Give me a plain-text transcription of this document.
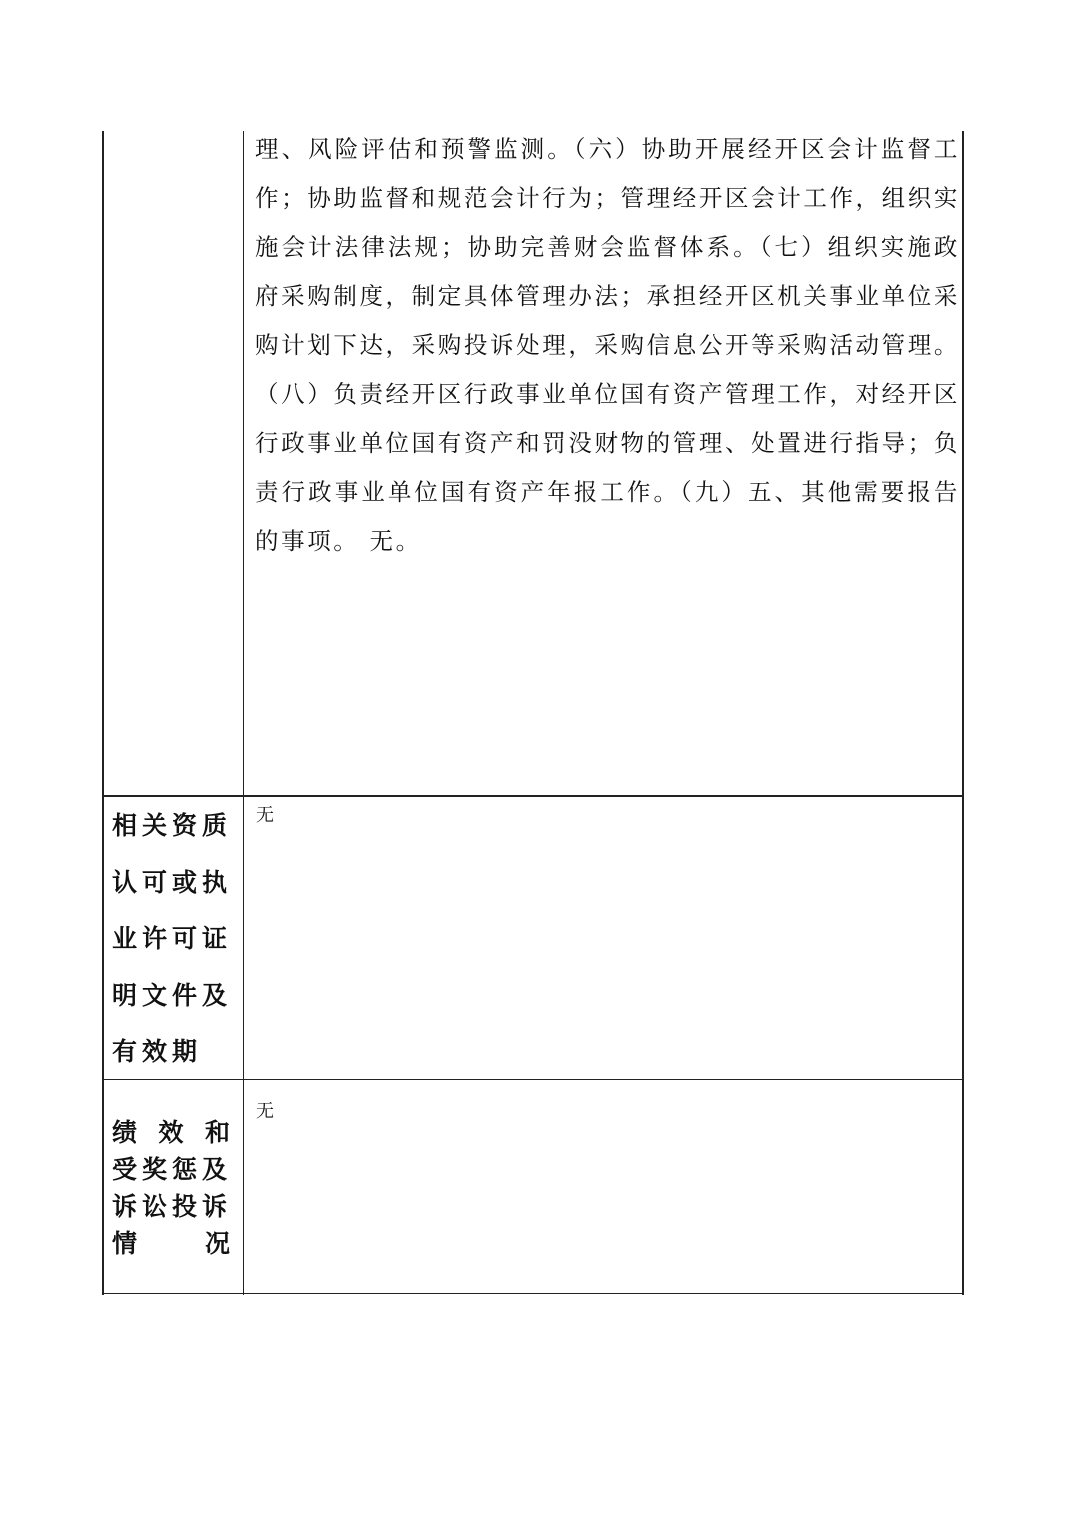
理、风险评估和预警监测。（六）协助开展经开区会计监督工作；协助监督和规范会计行为；管理经开区会计工作，组织实施会计法律法规；协助完善财会监督体系。（七）组织实施政府采购制度，制定具体管理办法；承担经开区机关事业单位采购计划下达，采购投诉处理，采购信息公开等采购活动管理。（八）负责经开区行政事业单位国有资产管理工作，对经开区行政事业单位国有资产和罚没财物的管理、处置进行指导；负责行政事业单位国有资产年报工作。（九）五、其他需要报告的事项。 无。
相关资质
认可或执
业许可证
明文件及
有效期
无
绩 效 和
受奖惩及
诉讼投诉
情	况
无
